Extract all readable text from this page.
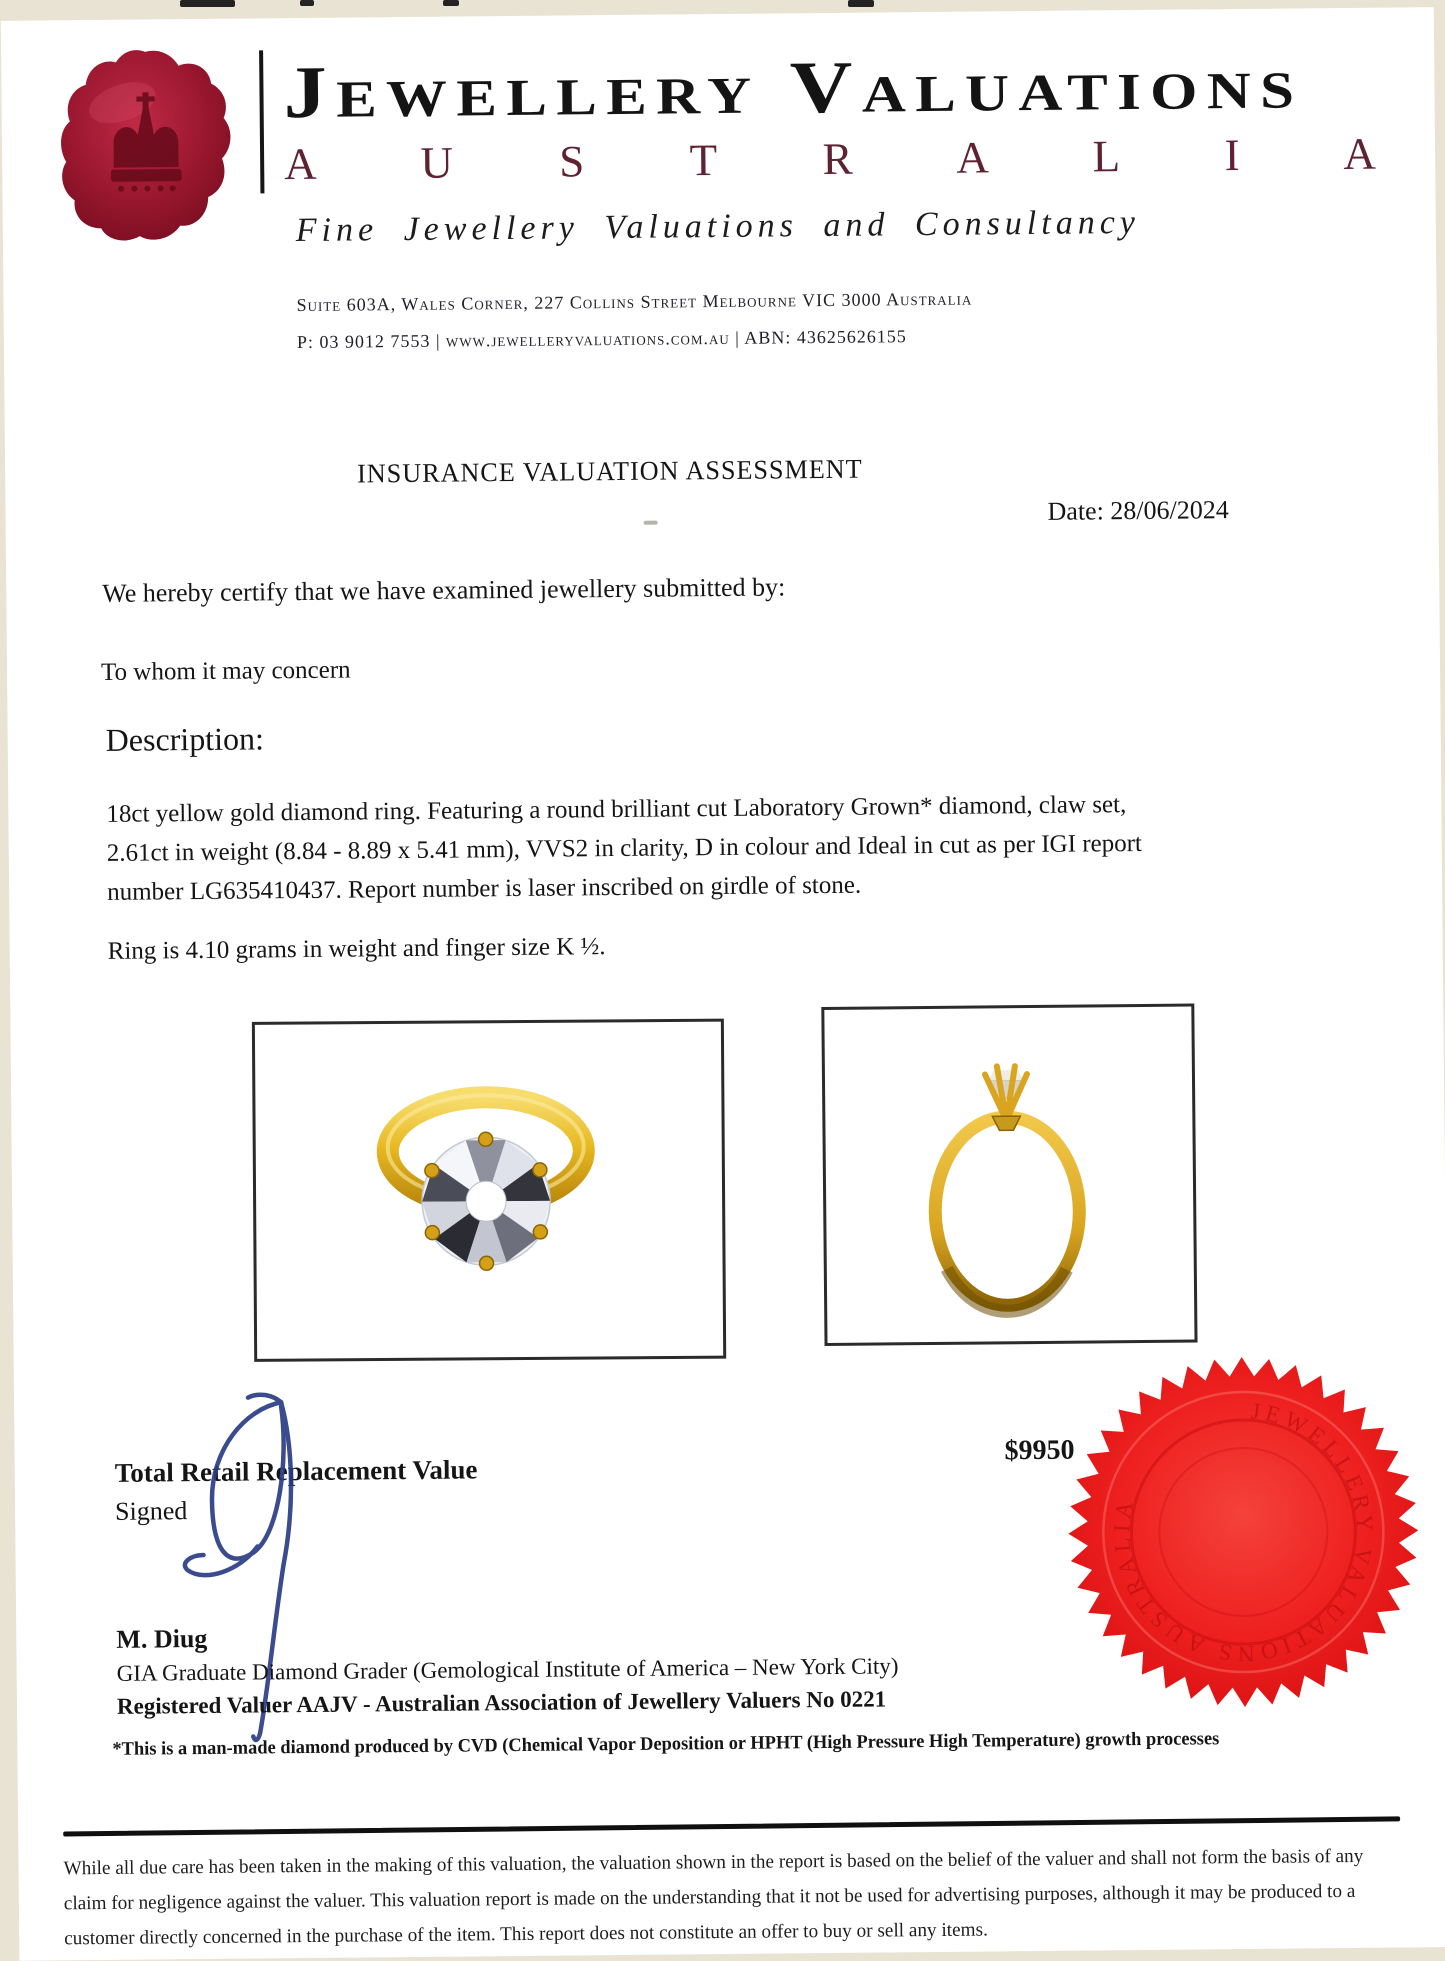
Jewellery Valuations
A U S T R A L I A
Fine Jewellery Valuations and Consultancy
Suite 603A, Wales Corner, 227 Collins Street Melbourne VIC 3000 Australia
P: 03 9012 7553 | www.jewelleryvaluations.com.au | ABN: 43625626155
INSURANCE VALUATION ASSESSMENT
Date: 28/06/2024
We hereby certify that we have examined jewellery submitted by:
To whom it may concern
Description:
18ct yellow gold diamond ring. Featuring a round brilliant cut Laboratory Grown* diamond, claw set, 2.61ct in weight (8.84 - 8.89 x 5.41 mm), VVS2 in clarity, D in colour and Ideal in cut as per IGI report number LG635410437. Report number is laser inscribed on girdle of stone.
Ring is 4.10 grams in weight and finger size K ½.
Total Retail Replacement Value
$9950
Signed
JEWELLERY VALUATIONS AUSTRALIA
M. Diug
GIA Graduate Diamond Grader (Gemological Institute of America – New York City)
Registered Valuer AAJV - Australian Association of Jewellery Valuers No 0221
*This is a man-made diamond produced by CVD (Chemical Vapor Deposition or HPHT (High Pressure High Temperature) growth processes
While all due care has been taken in the making of this valuation, the valuation shown in the report is based on the belief of the valuer and shall not form the basis of any claim for negligence against the valuer. This valuation report is made on the understanding that it not be used for advertising purposes, although it may be produced to a customer directly concerned in the purchase of the item. This report does not constitute an offer to buy or sell any items.
